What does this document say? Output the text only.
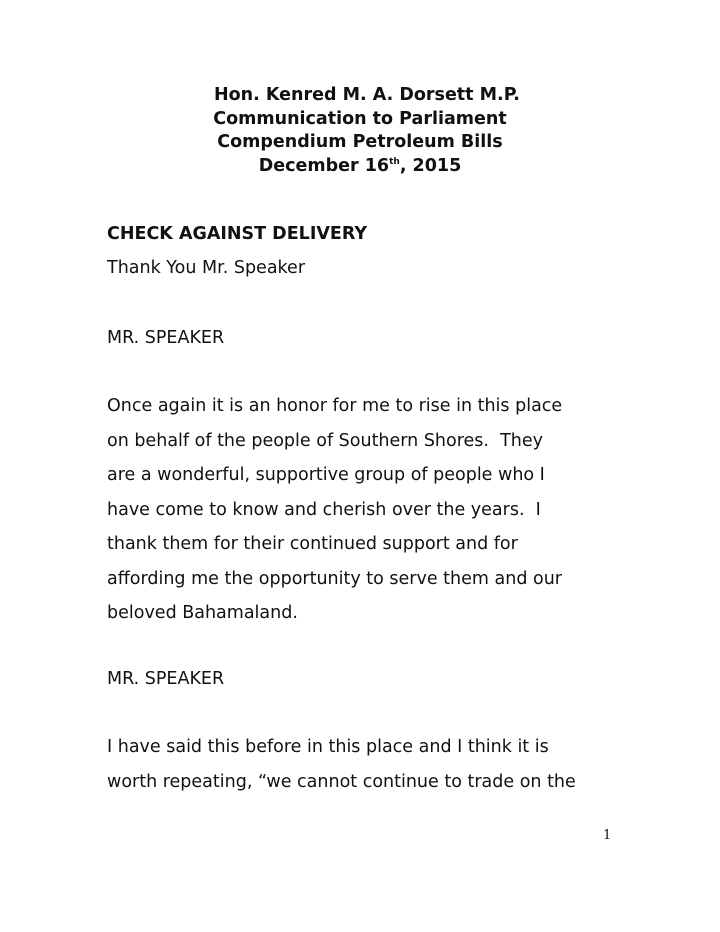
Hon. Kenred M. A. Dorsett M.P.
Communication to Parliament
Compendium Petroleum Bills
December 16th, 2015
CHECK AGAINST DELIVERY
Thank You Mr. Speaker
MR. SPEAKER
Once again it is an honor for me to rise in this place
on behalf of the people of Southern Shores.  They
are a wonderful, supportive group of people who I
have come to know and cherish over the years.  I
thank them for their continued support and for
affording me the opportunity to serve them and our
beloved Bahamaland.
MR. SPEAKER
I have said this before in this place and I think it is
worth repeating, “we cannot continue to trade on the
1
